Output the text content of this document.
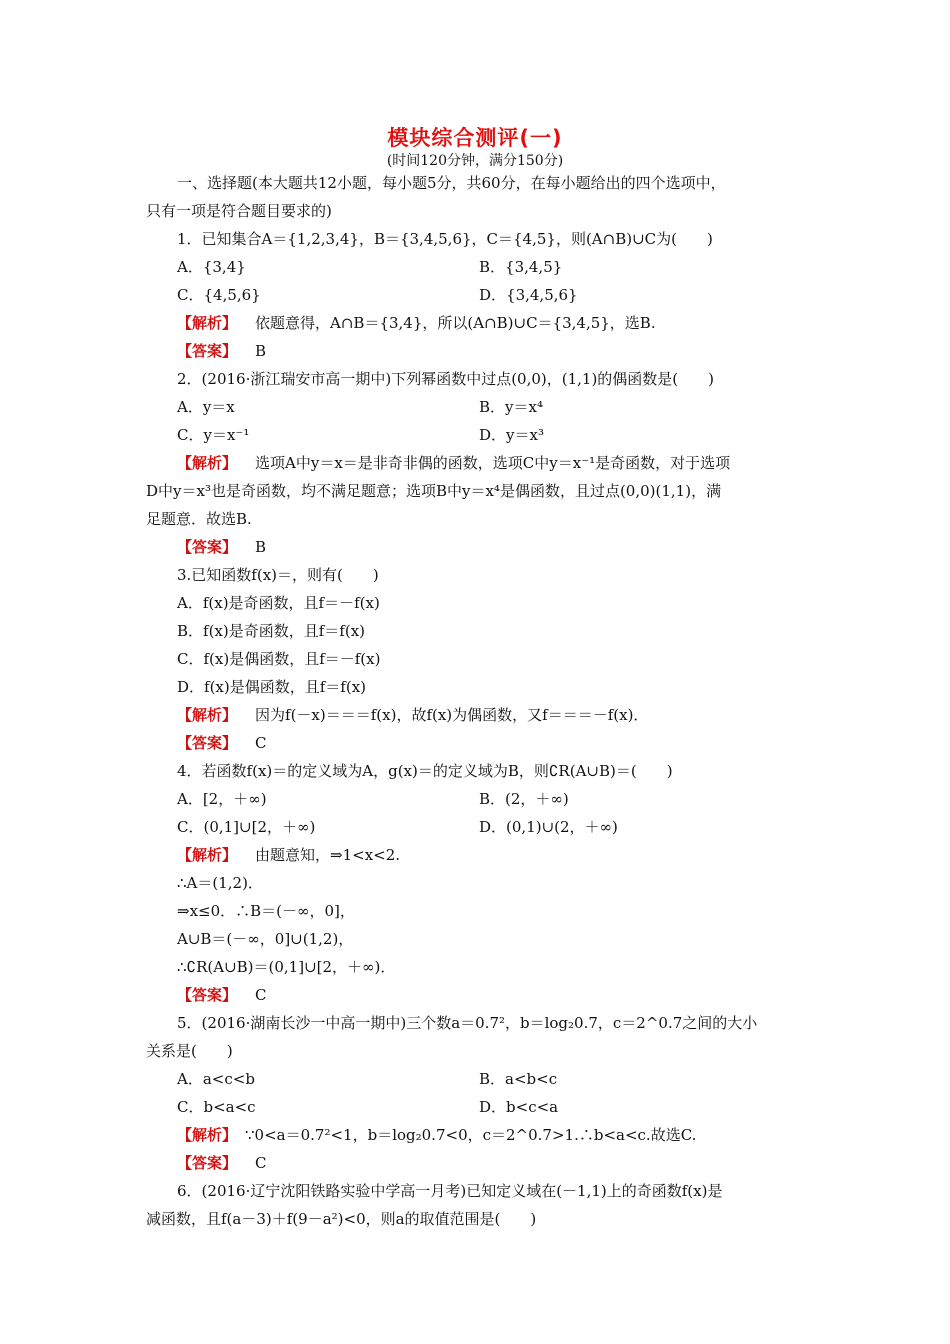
模块综合测评(一)
(时间120分钟，满分150分)
一、选择题(本大题共12小题，每小题5分，共60分，在每小题给出的四个选项中，
只有一项是符合题目要求的)
1．已知集合A＝{1,2,3,4}，B＝{3,4,5,6}，C＝{4,5}，则(A∩B)∪C为(　　)
A．{3,4}	B．{3,4,5}
C．{4,5,6}	D．{3,4,5,6}
【解析】 依题意得，A∩B＝{3,4}，所以(A∩B)∪C＝{3,4,5}，选B.
【答案】 B
2．(2016·浙江瑞安市高一期中)下列幂函数中过点(0,0)，(1,1)的偶函数是(　　)
A．y＝x	B．y＝x⁴
C．y＝x⁻¹	D．y＝x³
【解析】 选项A中y＝x＝是非奇非偶的函数，选项C中y＝x⁻¹是奇函数，对于选项
D中y＝x³也是奇函数，均不满足题意；选项B中y＝x⁴是偶函数，且过点(0,0)(1,1)，满
足题意．故选B.
【答案】 B
3.已知函数f(x)＝，则有(　　)
A．f(x)是奇函数，且f＝－f(x)
B．f(x)是奇函数，且f＝f(x)
C．f(x)是偶函数，且f＝－f(x)
D．f(x)是偶函数，且f＝f(x)
【解析】 因为f(－x)＝＝＝f(x)，故f(x)为偶函数，又f＝＝＝－f(x)．
【答案】 C
4．若函数f(x)＝的定义域为A，g(x)＝的定义域为B，则∁R(A∪B)＝(　　)
A．[2，＋∞)	B．(2，＋∞)
C．(0,1]∪[2，＋∞)	D．(0,1)∪(2，＋∞)
【解析】 由题意知，⇒1<x<2.
∴A＝(1,2)．
⇒x≤0．∴B＝(－∞，0]，
A∪B＝(－∞，0]∪(1,2)，
∴∁R(A∪B)＝(0,1]∪[2，＋∞)．
【答案】 C
5．(2016·湖南长沙一中高一期中)三个数a＝0.7²，b＝log₂0.7，c＝2^0.7之间的大小
关系是(　　)
A．a<c<b	B．a<b<c
C．b<a<c	D．b<c<a
【解析】 ∵0<a＝0.7²<1，b＝log₂0.7<0，c＝2^0.7>1.∴b<a<c.故选C.
【答案】 C
6．(2016·辽宁沈阳铁路实验中学高一月考)已知定义域在(－1,1)上的奇函数f(x)是
减函数，且f(a－3)＋f(9－a²)<0，则a的取值范围是(　　)
